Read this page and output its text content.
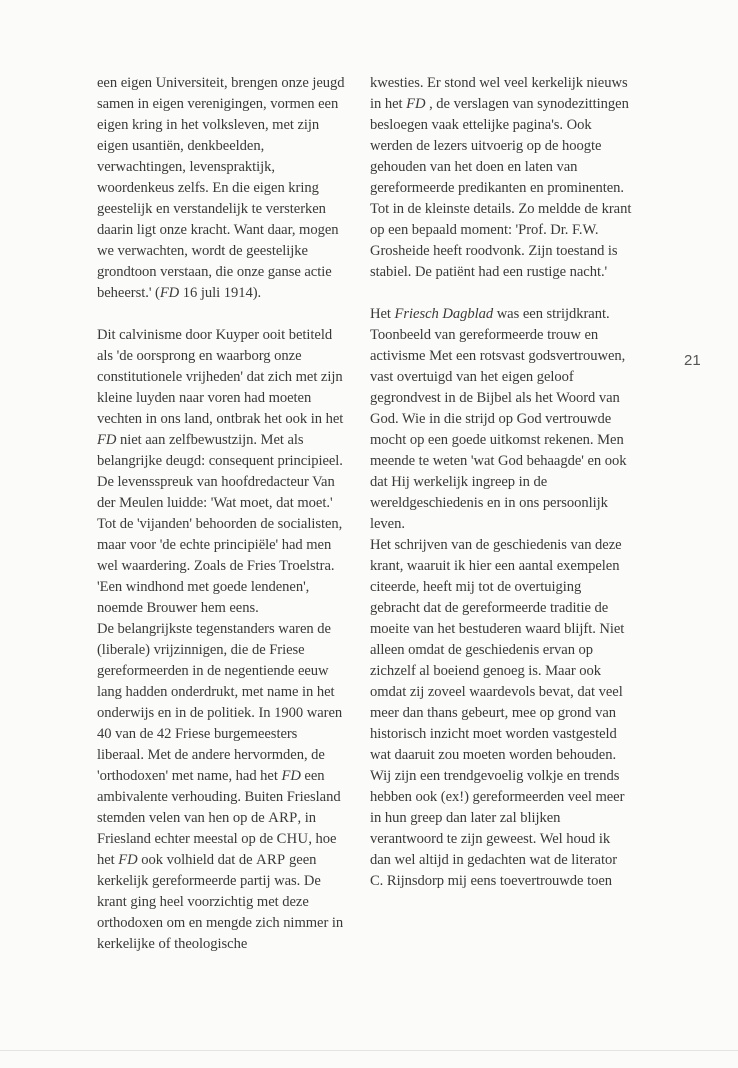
een eigen Universiteit, brengen onze jeugd samen in eigen verenigingen, vormen een eigen kring in het volksleven, met zijn eigen usantiën, denkbeelden, verwachtingen, levenspraktijk, woordenkeus zelfs. En die eigen kring geestelijk en verstandelijk te versterken daarin ligt onze kracht. Want daar, mogen we verwachten, wordt de geestelijke grondtoon verstaan, die onze ganse actie beheerst.' (FD 16 juli 1914).

Dit calvinisme door Kuyper ooit betiteld als 'de oorsprong en waarborg onze constitutionele vrijheden' dat zich met zijn kleine luyden naar voren had moeten vechten in ons land, ontbrak het ook in het FD niet aan zelfbewustzijn. Met als belangrijke deugd: consequent principieel. De levensspreuk van hoofdredacteur Van der Meulen luidde: 'Wat moet, dat moet.' Tot de 'vijanden' behoorden de socialisten, maar voor 'de echte principiële' had men wel waardering. Zoals de Fries Troelstra. 'Een windhond met goede lendenen', noemde Brouwer hem eens.

De belangrijkste tegenstanders waren de (liberale) vrijzinnigen, die de Friese gereformeerden in de negentiende eeuw lang hadden onderdrukt, met name in het onderwijs en in de politiek. In 1900 waren 40 van de 42 Friese burgemeesters liberaal. Met de andere hervormden, de 'orthodoxen' met name, had het FD een ambivalente verhouding. Buiten Friesland stemden velen van hen op de ARP, in Friesland echter meestal op de CHU, hoe het FD ook volhield dat de ARP geen kerkelijk gereformeerde partij was. De krant ging heel voorzichtig met deze orthodoxen om en mengde zich nimmer in kerkelijke of theologische

kwesties. Er stond wel veel kerkelijk nieuws in het FD , de verslagen van synodezittingen besloegen vaak ettelijke pagina's. Ook werden de lezers uitvoerig op de hoogte gehouden van het doen en laten van gereformeerde predikanten en prominenten. Tot in de kleinste details. Zo meldde de krant op een bepaald moment: 'Prof. Dr. F.W. Grosheide heeft roodvonk. Zijn toestand is stabiel. De patiënt had een rustige nacht.'

Het Friesch Dagblad was een strijdkrant. Toonbeeld van gereformeerde trouw en activisme Met een rotsvast godsvertrouwen, vast overtuigd van het eigen geloof gegrondvest in de Bijbel als het Woord van God. Wie in die strijd op God vertrouwde mocht op een goede uitkomst rekenen. Men meende te weten 'wat God behaagde' en ook dat Hij werkelijk ingreep in de wereldgeschiedenis en in ons persoonlijk leven.

Het schrijven van de geschiedenis van deze krant, waaruit ik hier een aantal exempelen citeerde, heeft mij tot de overtuiging gebracht dat de gereformeerde traditie de moeite van het bestuderen waard blijft. Niet alleen omdat de geschiedenis ervan op zichzelf al boeiend genoeg is. Maar ook omdat zij zoveel waardevols bevat, dat veel meer dan thans gebeurt, mee op grond van historisch inzicht moet worden vastgesteld wat daaruit zou moeten worden behouden. Wij zijn een trendgevoelig volkje en trends hebben ook (ex!) gereformeerden veel meer in hun greep dan later zal blijken verantwoord te zijn geweest. Wel houd ik dan wel altijd in gedachten wat de literator C. Rijnsdorp mij eens toevertrouwde toen

21
